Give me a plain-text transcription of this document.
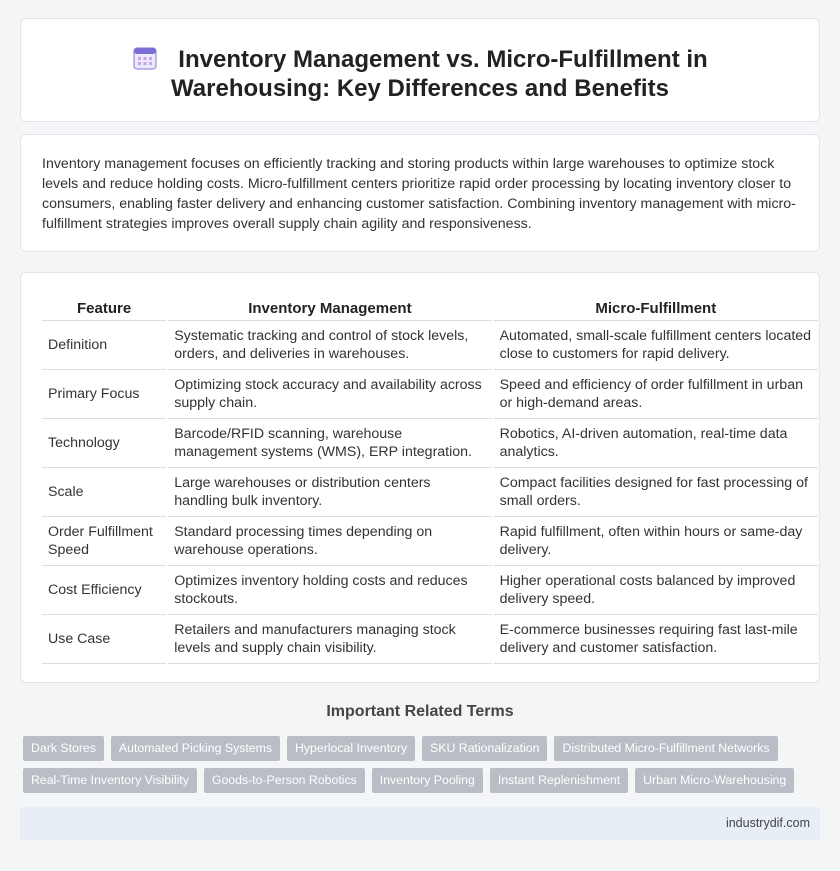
Inventory Management vs. Micro-Fulfillment in Warehousing: Key Differences and Benefits

Inventory management focuses on efficiently tracking and storing products within large warehouses to optimize stock levels and reduce holding costs. Micro-fulfillment centers prioritize rapid order processing by locating inventory closer to consumers, enabling faster delivery and enhancing customer satisfaction. Combining inventory management with micro-fulfillment strategies improves overall supply chain agility and responsiveness.

Feature	Inventory Management	Micro-Fulfillment
Definition	Systematic tracking and control of stock levels, orders, and deliveries in warehouses.	Automated, small-scale fulfillment centers located close to customers for rapid delivery.
Primary Focus	Optimizing stock accuracy and availability across supply chain.	Speed and efficiency of order fulfillment in urban or high-demand areas.
Technology	Barcode/RFID scanning, warehouse management systems (WMS), ERP integration.	Robotics, AI-driven automation, real-time data analytics.
Scale	Large warehouses or distribution centers handling bulk inventory.	Compact facilities designed for fast processing of small orders.
Order Fulfillment Speed	Standard processing times depending on warehouse operations.	Rapid fulfillment, often within hours or same-day delivery.
Cost Efficiency	Optimizes inventory holding costs and reduces stockouts.	Higher operational costs balanced by improved delivery speed.
Use Case	Retailers and manufacturers managing stock levels and supply chain visibility.	E-commerce businesses requiring fast last-mile delivery and customer satisfaction.
Important Related Terms
Dark Stores	Automated Picking Systems	Hyperlocal Inventory	SKU Rationalization	Distributed Micro-Fulfillment Networks
Real-Time Inventory Visibility	Goods-to-Person Robotics	Inventory Pooling	Instant Replenishment	Urban Micro-Warehousing
industrydif.com
